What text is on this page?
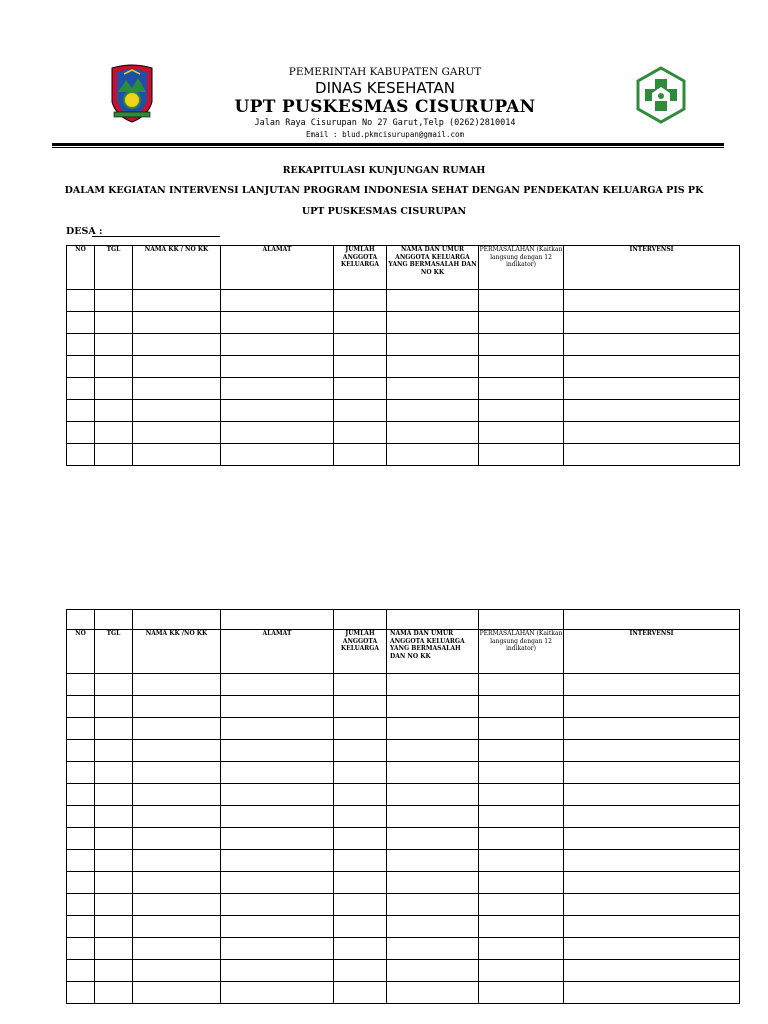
PEMERINTAH KABUPATEN GARUT
DINAS KESEHATAN
UPT PUSKESMAS CISURUPAN
Jalan Raya Cisurupan No 27 Garut,Telp (0262)2810014
Email : blud.pkmcisurupan@gmail.com
REKAPITULASI KUNJUNGAN RUMAH
DALAM KEGIATAN INTERVENSI LANJUTAN PROGRAM INDONESIA SEHAT DENGAN PENDEKATAN KELUARGA PIS PK
UPT PUSKESMAS CISURUPAN
DESA :
NO	TGL	NAMA KK / NO KK	ALAMAT	JUMLAH ANGGOTA KELUARGA	NAMA DAN UMUR ANGGOTA KELUARGA YANG BERMASALAH DAN NO KK	PERMASALAHAN (Kaitkan langsung dengan 12 indikator)	INTERVENSI

NO	TGL	NAMA KK /NO KK	ALAMAT	JUMLAH ANGGOTA KELUARGA	NAMA DAN UMUR ANGGOTA KELUARGA YANG BERMASALAH DAN NO KK	PERMASALAHAN (Kaitkan langsung dengan 12 indikator)	INTERVENSI
